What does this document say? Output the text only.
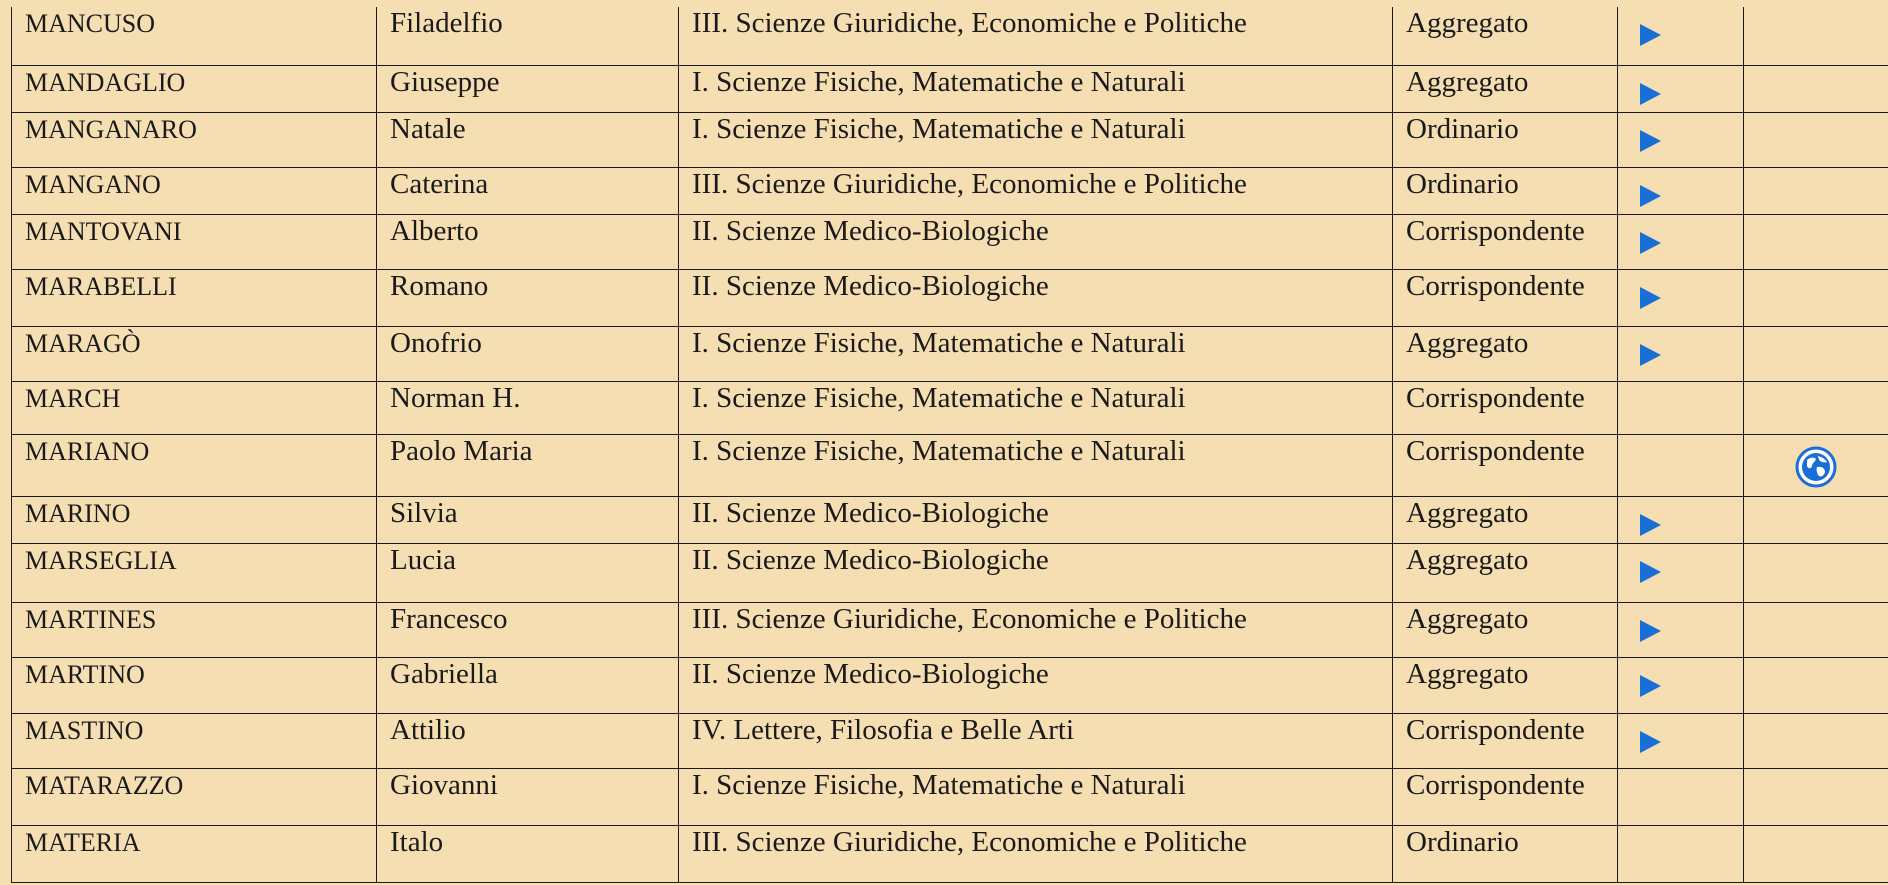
MANCUSO	Filadelfio	III. Scienze Giuridiche, Economiche e Politiche	Aggregato		
MANDAGLIO	Giuseppe	I. Scienze Fisiche, Matematiche e Naturali	Aggregato		
MANGANARO	Natale	I. Scienze Fisiche, Matematiche e Naturali	Ordinario		
MANGANO	Caterina	III. Scienze Giuridiche, Economiche e Politiche	Ordinario		
MANTOVANI	Alberto	II. Scienze Medico-Biologiche	Corrispondente		
MARABELLI	Romano	II. Scienze Medico-Biologiche	Corrispondente		
MARAGÒ	Onofrio	I. Scienze Fisiche, Matematiche e Naturali	Aggregato		
MARCH	Norman H.	I. Scienze Fisiche, Matematiche e Naturali	Corrispondente		
MARIANO	Paolo Maria	I. Scienze Fisiche, Matematiche e Naturali	Corrispondente		
MARINO	Silvia	II. Scienze Medico-Biologiche	Aggregato		
MARSEGLIA	Lucia	II. Scienze Medico-Biologiche	Aggregato		
MARTINES	Francesco	III. Scienze Giuridiche, Economiche e Politiche	Aggregato		
MARTINO	Gabriella	II. Scienze Medico-Biologiche	Aggregato		
MASTINO	Attilio	IV. Lettere, Filosofia e Belle Arti	Corrispondente		
MATARAZZO	Giovanni	I. Scienze Fisiche, Matematiche e Naturali	Corrispondente		
MATERIA	Italo	III. Scienze Giuridiche, Economiche e Politiche	Ordinario		
